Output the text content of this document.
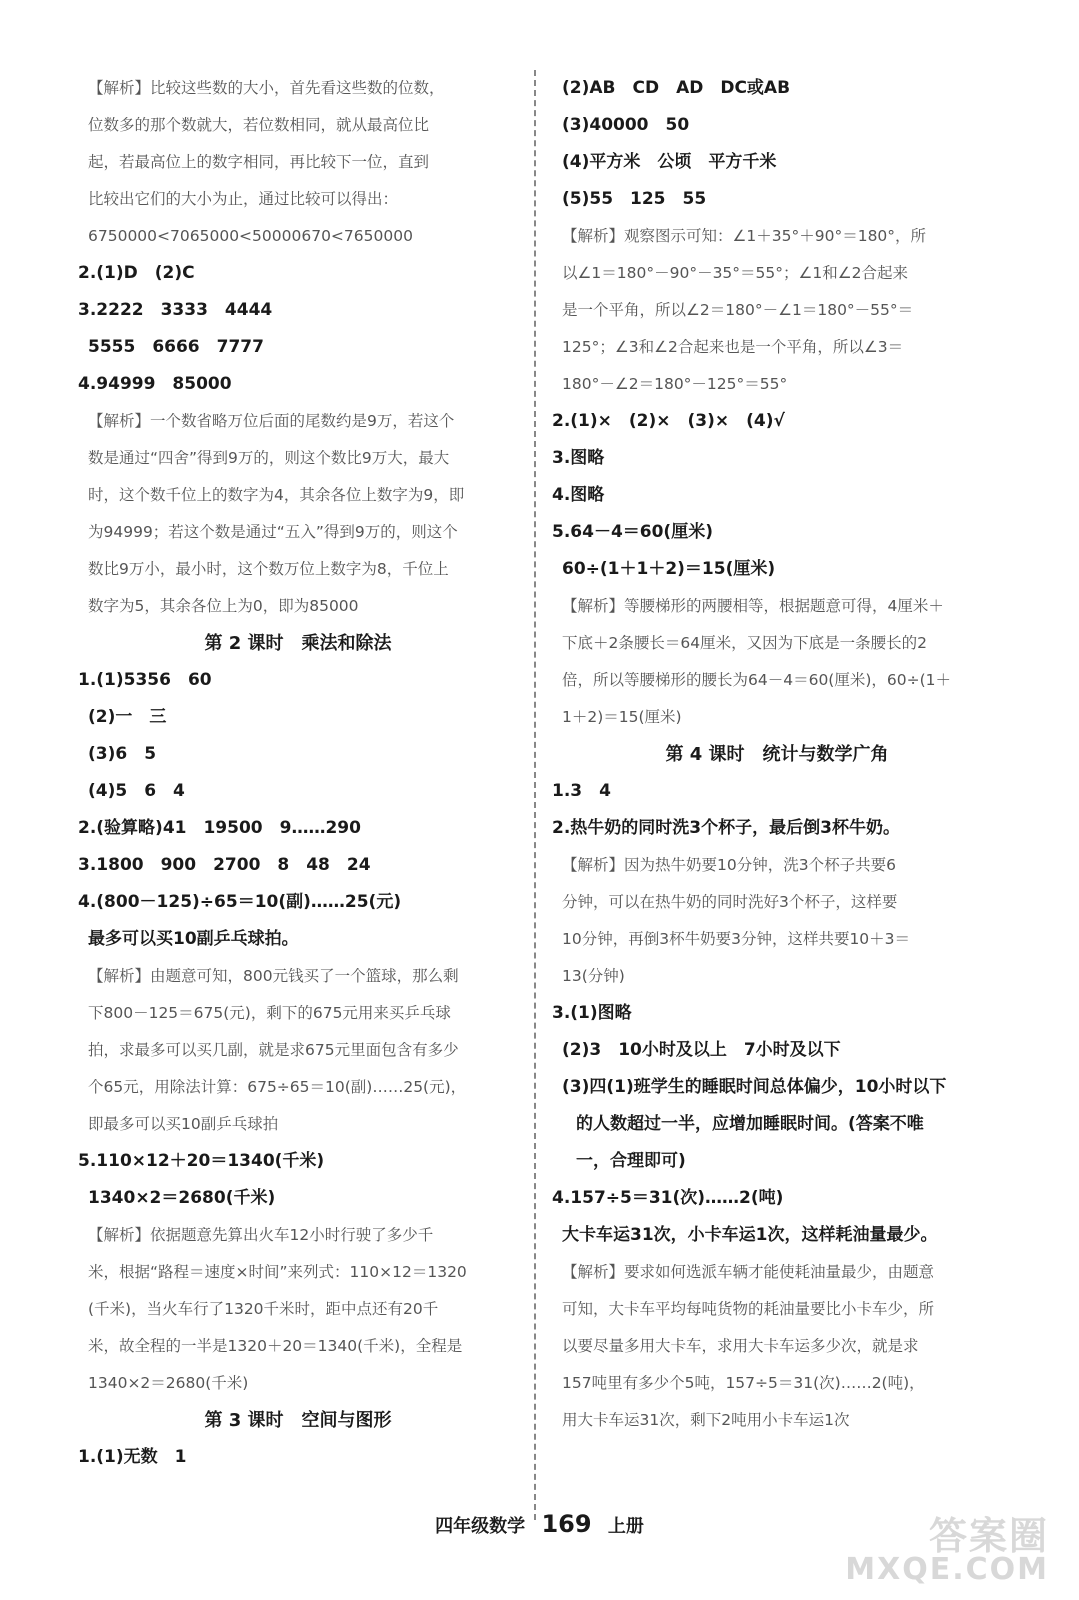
【解析】比较这些数的大小，首先看这些数的位数，
位数多的那个数就大，若位数相同，就从最高位比
起，若最高位上的数字相同，再比较下一位，直到
比较出它们的大小为止，通过比较可以得出：
6750000<7065000<50000670<7650000
2.(1)D　(2)C
3.2222　3333　4444
5555　6666　7777
4.94999　85000
【解析】一个数省略万位后面的尾数约是9万，若这个
数是通过“四舍”得到9万的，则这个数比9万大，最大
时，这个数千位上的数字为4，其余各位上数字为9，即
为94999；若这个数是通过“五入”得到9万的，则这个
数比9万小，最小时，这个数万位上数字为8，千位上
数字为5，其余各位上为0，即为85000
第 2 课时　乘法和除法
1.(1)5356　60
(2)一　三
(3)6　5
(4)5　6　4
2.(验算略)41　19500　9……290
3.1800　900　2700　8　48　24
4.(800－125)÷65＝10(副)……25(元)
最多可以买10副乒乓球拍。
【解析】由题意可知，800元钱买了一个篮球，那么剩
下800－125＝675(元)，剩下的675元用来买乒乓球
拍，求最多可以买几副，就是求675元里面包含有多少
个65元，用除法计算：675÷65＝10(副)……25(元)，
即最多可以买10副乒乓球拍
5.110×12＋20＝1340(千米)
1340×2＝2680(千米)
【解析】依据题意先算出火车12小时行驶了多少千
米，根据“路程＝速度×时间”来列式：110×12＝1320
(千米)，当火车行了1320千米时，距中点还有20千
米，故全程的一半是1320＋20＝1340(千米)，全程是
1340×2＝2680(千米)
第 3 课时　空间与图形
1.(1)无数　1
(2)AB　CD　AD　DC或AB
(3)40000　50
(4)平方米　公顷　平方千米
(5)55　125　55
【解析】观察图示可知：∠1＋35°＋90°＝180°，所
以∠1＝180°－90°－35°＝55°；∠1和∠2合起来
是一个平角，所以∠2＝180°－∠1＝180°－55°＝
125°；∠3和∠2合起来也是一个平角，所以∠3＝
180°－∠2＝180°－125°＝55°
2.(1)×　(2)×　(3)×　(4)√
3.图略
4.图略
5.64－4＝60(厘米)
60÷(1＋1＋2)＝15(厘米)
【解析】等腰梯形的两腰相等，根据题意可得，4厘米＋
下底＋2条腰长＝64厘米，又因为下底是一条腰长的2
倍，所以等腰梯形的腰长为64－4＝60(厘米)，60÷(1＋
1＋2)＝15(厘米)
第 4 课时　统计与数学广角
1.3　4
2.热牛奶的同时洗3个杯子，最后倒3杯牛奶。
【解析】因为热牛奶要10分钟，洗3个杯子共要6
分钟，可以在热牛奶的同时洗好3个杯子，这样要
10分钟，再倒3杯牛奶要3分钟，这样共要10＋3＝
13(分钟)
3.(1)图略
(2)3　10小时及以上　7小时及以下
(3)四(1)班学生的睡眠时间总体偏少，10小时以下
的人数超过一半，应增加睡眠时间。(答案不唯
一，合理即可)
4.157÷5＝31(次)……2(吨)
大卡车运31次，小卡车运1次，这样耗油量最少。
【解析】要求如何选派车辆才能使耗油量最少，由题意
可知，大卡车平均每吨货物的耗油量要比小卡车少，所
以要尽量多用大卡车，求用大卡车运多少次，就是求
157吨里有多少个5吨，157÷5＝31(次)……2(吨)，
用大卡车运31次，剩下2吨用小卡车运1次
四年级数学 169 上册	答案圈
MXQE.COM
